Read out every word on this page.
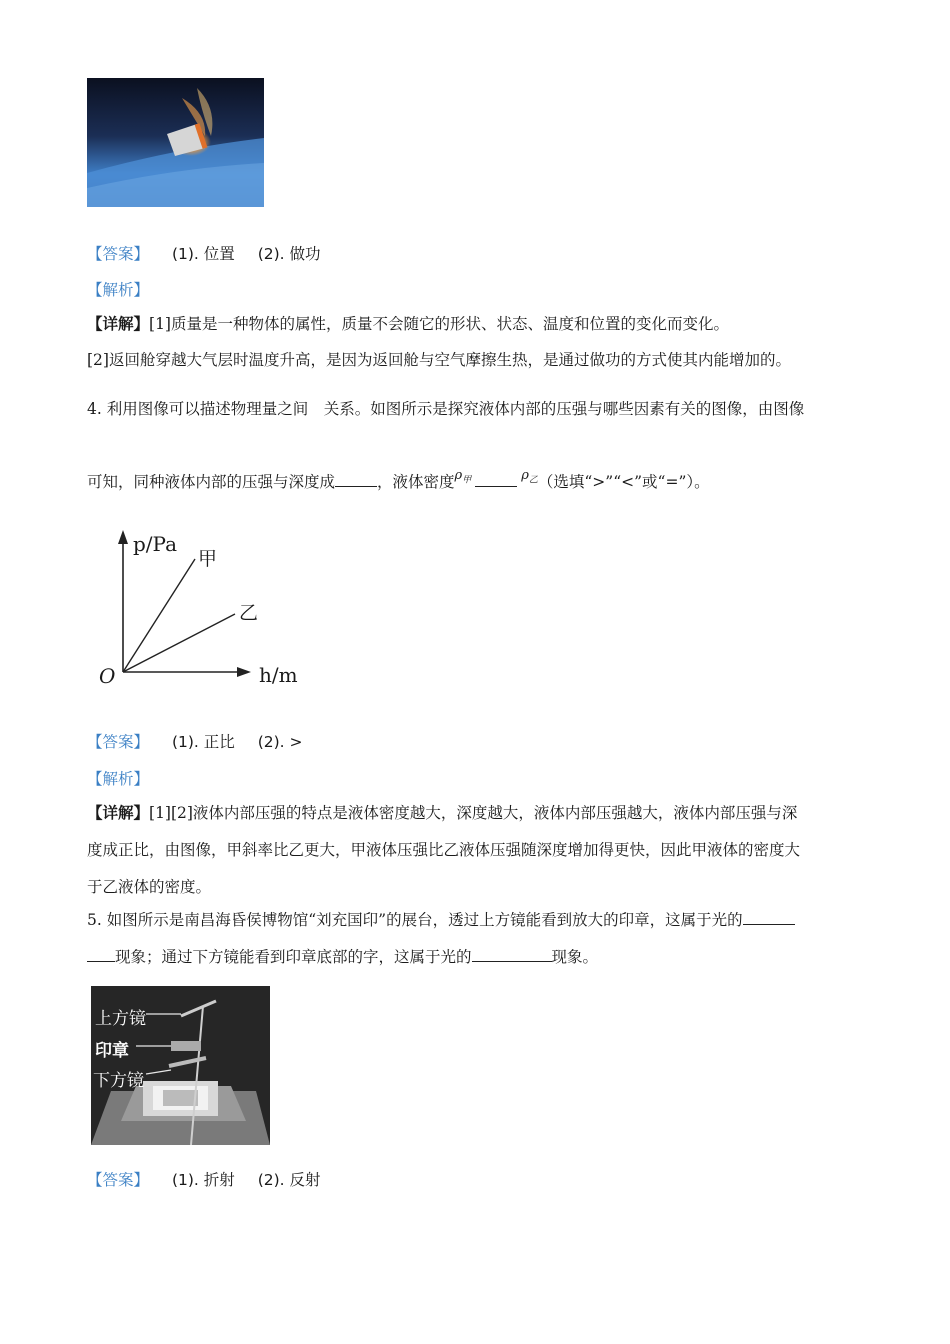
【答案】 (1). 位置 (2). 做功
【解析】
【详解】[1]质量是一种物体的属性，质量不会随它的形状、状态、温度和位置的变化而变化。
[2]返回舱穿越大气层时温度升高，是因为返回舱与空气摩擦生热，是通过做功的方式使其内能增加的。
4. 利用图像可以描述物理量之间　关系。如图所示是探究液体内部的压强与哪些因素有关的图像，由图像
可知，同种液体内部的压强与深度成	，液体密度$^{\rho_甲}$	$^{\rho_乙}$（选填“>”“<”或“=”）。
p/Pa
h/m
O
甲
乙
【答案】 (1). 正比 (2). >
【解析】
【详解】[1][2]液体内部压强的特点是液体密度越大，深度越大，液体内部压强越大，液体内部压强与深
度成正比，由图像，甲斜率比乙更大，甲液体压强比乙液体压强随深度增加得更快，因此甲液体的密度大
于乙液体的密度。
5. 如图所示是南昌海昏侯博物馆“刘充国印”的展台，透过上方镜能看到放大的印章，这属于光的
现象；通过下方镜能看到印章底部的字，这属于光的	现象。
上方镜
印章
下方镜
【答案】 (1). 折射 (2). 反射
